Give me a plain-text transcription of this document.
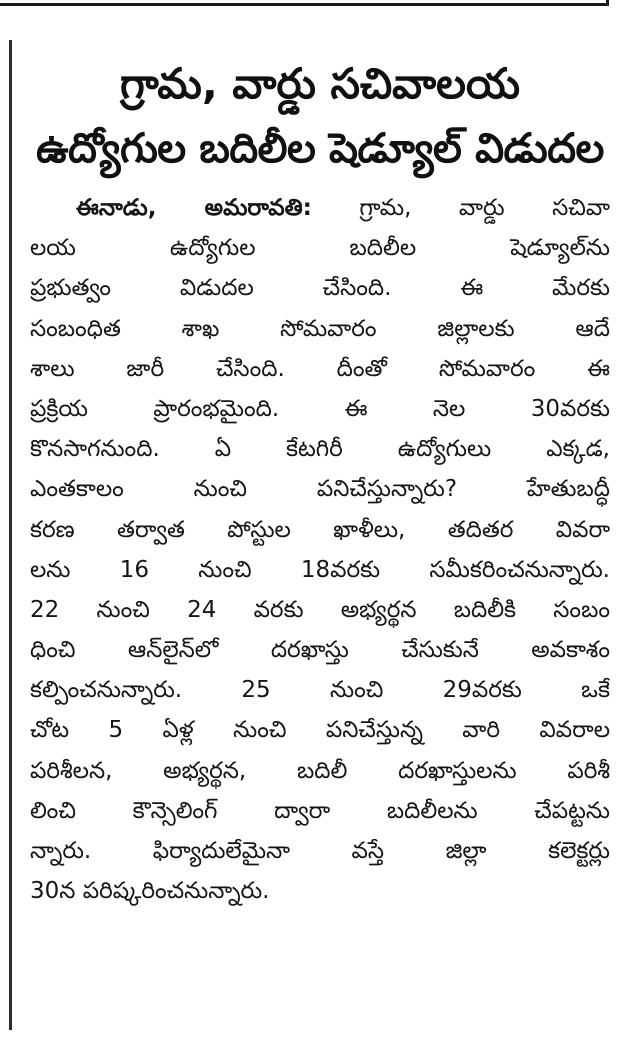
గ్రామ, వార్డు సచివాలయ
ఉద్యోగుల బదిలీల షెడ్యూల్ విడుదల
ఈనాడు, అమరావతి: గ్రామ, వార్డు సచివా
లయ ఉద్యోగుల బదిలీల షెడ్యూల్‌ను
ప్రభుత్వం విడుదల చేసింది. ఈ మేరకు
సంబంధిత శాఖ సోమవారం జిల్లాలకు ఆదే
శాలు జారీ చేసింది. దీంతో సోమవారం ఈ
ప్రక్రియ ప్రారంభమైంది. ఈ నెల 30వరకు
కొనసాగనుంది. ఏ కేటగిరీ ఉద్యోగులు ఎక్కడ,
ఎంతకాలం నుంచి పనిచేస్తున్నారు? హేతుబద్ధీ
కరణ తర్వాత పోస్టుల ఖాళీలు, తదితర వివరా
లను 16 నుంచి 18వరకు సమీకరించనున్నారు.
22 నుంచి 24 వరకు అభ్యర్థన బదిలీకి సంబం
ధించి ఆన్‌లైన్‌లో దరఖాస్తు చేసుకునే అవకాశం
కల్పించనున్నారు. 25 నుంచి 29వరకు ఒకే
చోట 5 ఏళ్ల నుంచి పనిచేస్తున్న వారి వివరాల
పరిశీలన, అభ్యర్థన, బదిలీ దరఖాస్తులను పరిశీ
లించి కౌన్సెలింగ్ ద్వారా బదిలీలను చేపట్టను
న్నారు. ఫిర్యాదులేమైనా వస్తే జిల్లా కలెక్టర్లు
30న పరిష్కరించనున్నారు.
